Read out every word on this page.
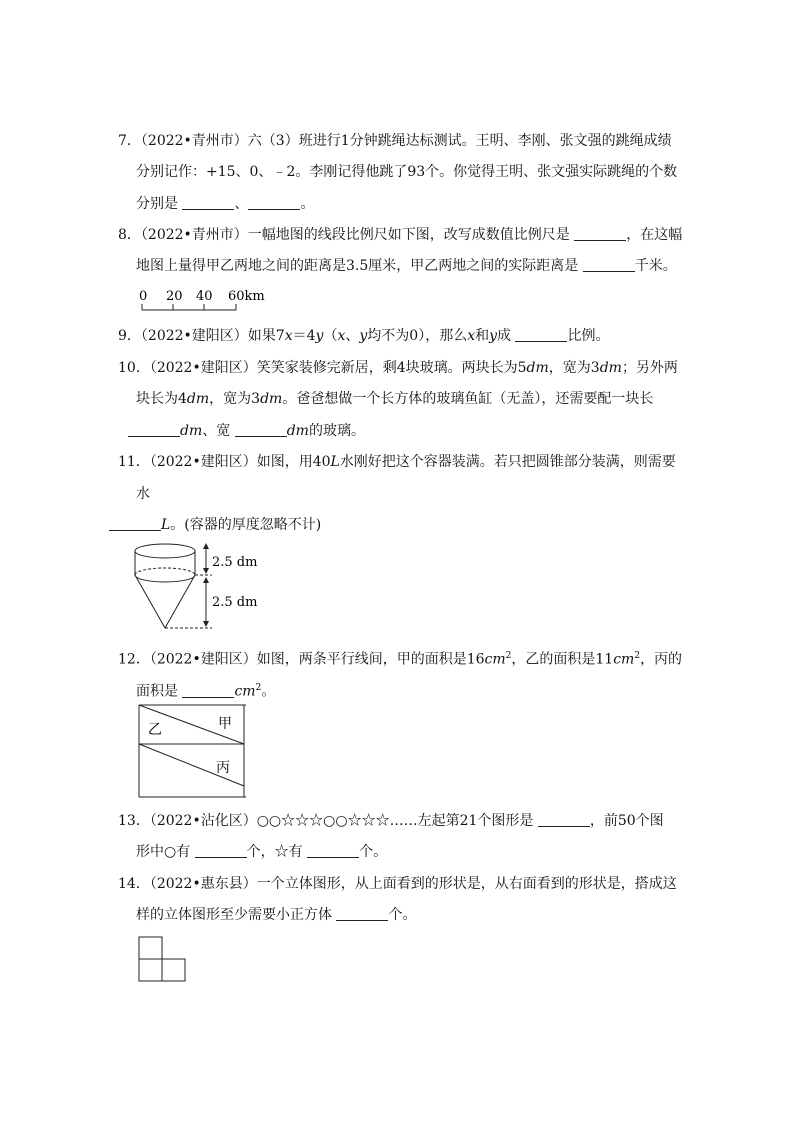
7．（2022•青州市）六（3）班进行1分钟跳绳达标测试。王明、李刚、张文强的跳绳成绩
分别记作：+15、0、﹣2。李刚记得他跳了93个。你觉得王明、张文强实际跳绳的个数
分别是	、	。
8．（2022•青州市）一幅地图的线段比例尺如下图，改写成数值比例尺是	，在这幅
地图上量得甲乙两地之间的距离是3.5厘米，甲乙两地之间的实际距离是	千米。
0 20 40 60km
9．（2022•建阳区）如果7x＝4y（x、y均不为0），那么x和y成	比例。
10．（2022•建阳区）笑笑家装修完新居，剩4块玻璃。两块长为5dm，宽为3dm；另外两
块长为4dm，宽为3dm。爸爸想做一个长方体的玻璃鱼缸（无盖），还需要配一块长
dm、宽	dm的玻璃。
11．（2022•建阳区）如图，用40L水刚好把这个容器装满。若只把圆锥部分装满，则需要
水
L。(容器的厚度忽略不计)
2.5 dm
2.5 dm
12．（2022•建阳区）如图，两条平行线间，甲的面积是$16cm^2$，乙的面积是$11cm^2$，丙的
面积是	$cm^2$。
乙	甲
丙
13．（2022•沾化区）○○☆☆☆○○☆☆☆……左起第21个图形是	，前50个图
形中○有	个，☆有	个。
14．（2022•惠东县）一个立体图形，从上面看到的形状是，从右面看到的形状是，搭成这
样的立体图形至少需要小正方体	个。
